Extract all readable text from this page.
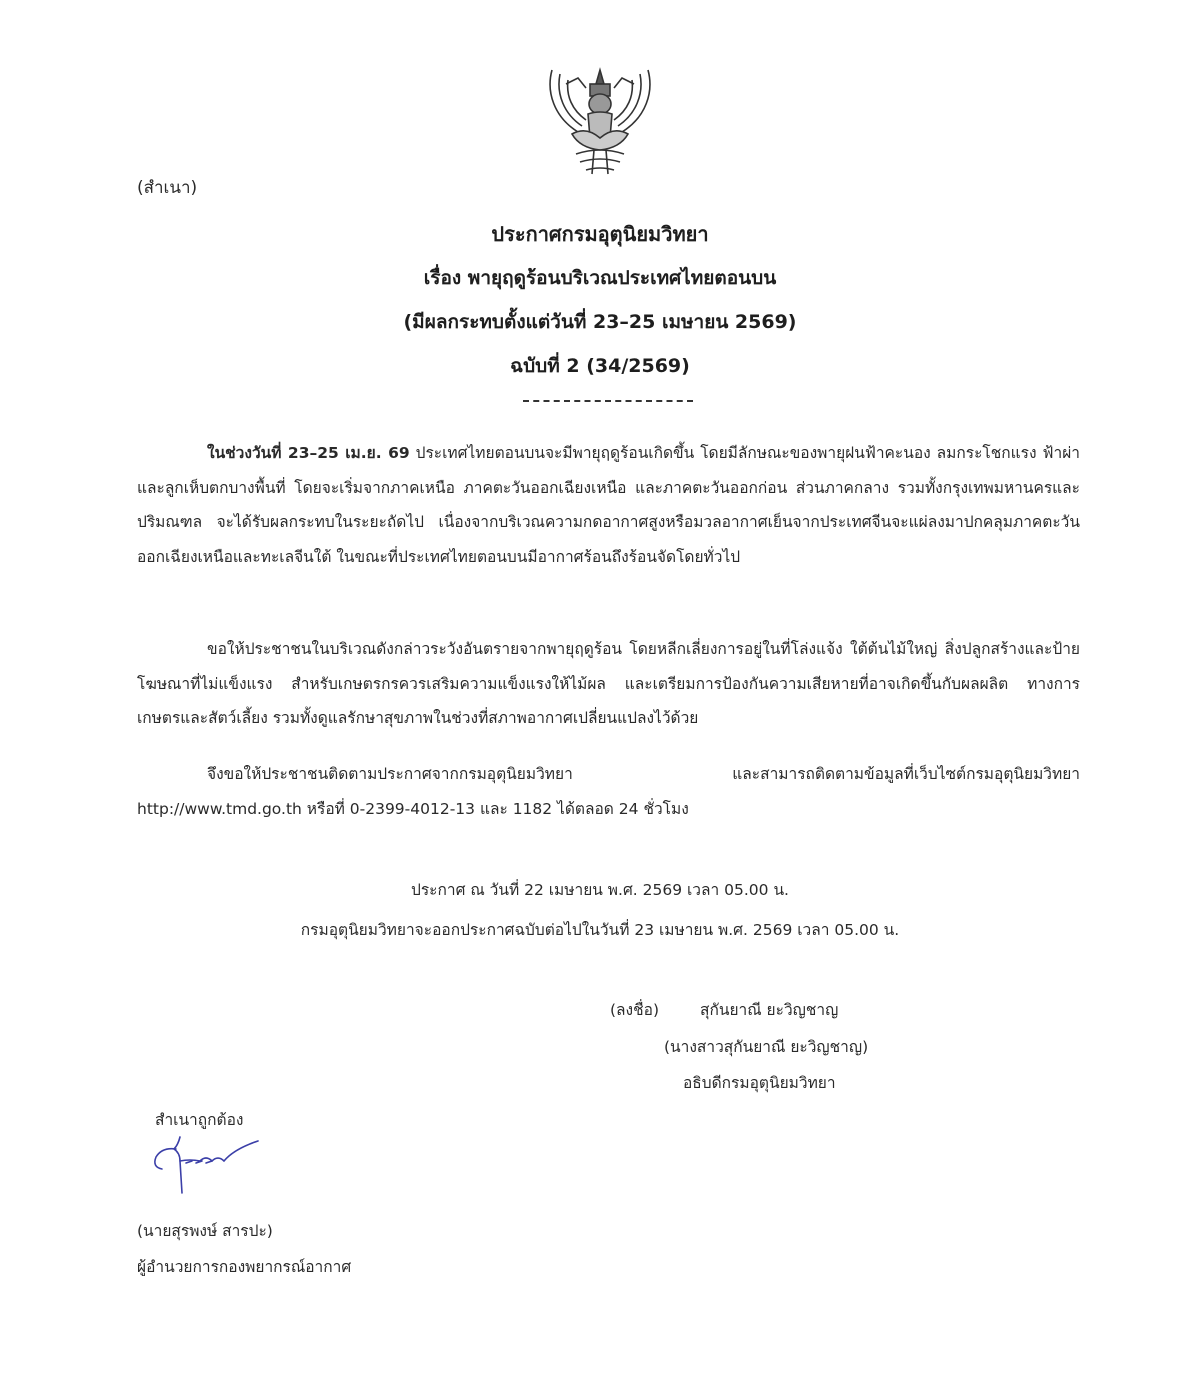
(สำเนา)
ประกาศกรมอุตุนิยมวิทยา
เรื่อง พายุฤดูร้อนบริเวณประเทศไทยตอนบน
(มีผลกระทบตั้งแต่วันที่ 23–25 เมษายน 2569)
ฉบับที่ 2 (34/2569)
ในช่วงวันที่ 23–25 เม.ย. 69 ประเทศไทยตอนบนจะมีพายุฤดูร้อนเกิดขึ้น โดยมีลักษณะของพายุฝนฟ้าคะนอง ลมกระโชกแรง ฟ้าผ่า และลูกเห็บตกบางพื้นที่ โดยจะเริ่มจากภาคเหนือ ภาคตะวันออกเฉียงเหนือ และภาคตะวันออกก่อน ส่วนภาคกลาง รวมทั้งกรุงเทพมหานครและปริมณฑล จะได้รับผลกระทบในระยะถัดไป เนื่องจากบริเวณความกดอากาศสูงหรือมวลอากาศเย็นจากประเทศจีนจะแผ่ลงมาปกคลุมภาคตะวันออกเฉียงเหนือและทะเลจีนใต้ ในขณะที่ประเทศไทยตอนบนมีอากาศร้อนถึงร้อนจัดโดยทั่วไป
ขอให้ประชาชนในบริเวณดังกล่าวระวังอันตรายจากพายุฤดูร้อน โดยหลีกเลี่ยงการอยู่ในที่โล่งแจ้ง ใต้ต้นไม้ใหญ่ สิ่งปลูกสร้างและป้ายโฆษณาที่ไม่แข็งแรง สำหรับเกษตรกรควรเสริมความแข็งแรงให้ไม้ผล และเตรียมการป้องกันความเสียหายที่อาจเกิดขึ้นกับผลผลิต ทางการเกษตรและสัตว์เลี้ยง รวมทั้งดูแลรักษาสุขภาพในช่วงที่สภาพอากาศเปลี่ยนแปลงไว้ด้วย
จึงขอให้ประชาชนติดตามประกาศจากกรมอุตุนิยมวิทยา และสามารถติดตามข้อมูลที่เว็บไซต์กรมอุตุนิยมวิทยา http://www.tmd.go.th หรือที่ 0-2399-4012-13 และ 1182 ได้ตลอด 24 ชั่วโมง
ประกาศ ณ วันที่ 22 เมษายน พ.ศ. 2569 เวลา 05.00 น.
กรมอุตุนิยมวิทยาจะออกประกาศฉบับต่อไปในวันที่ 23 เมษายน พ.ศ. 2569 เวลา 05.00 น.
(ลงชื่อ)	สุกันยาณี ยะวิญชาญ
(นางสาวสุกันยาณี ยะวิญชาญ)
อธิบดีกรมอุตุนิยมวิทยา
สำเนาถูกต้อง
(นายสุรพงษ์ สารปะ)
ผู้อำนวยการกองพยากรณ์อากาศ
